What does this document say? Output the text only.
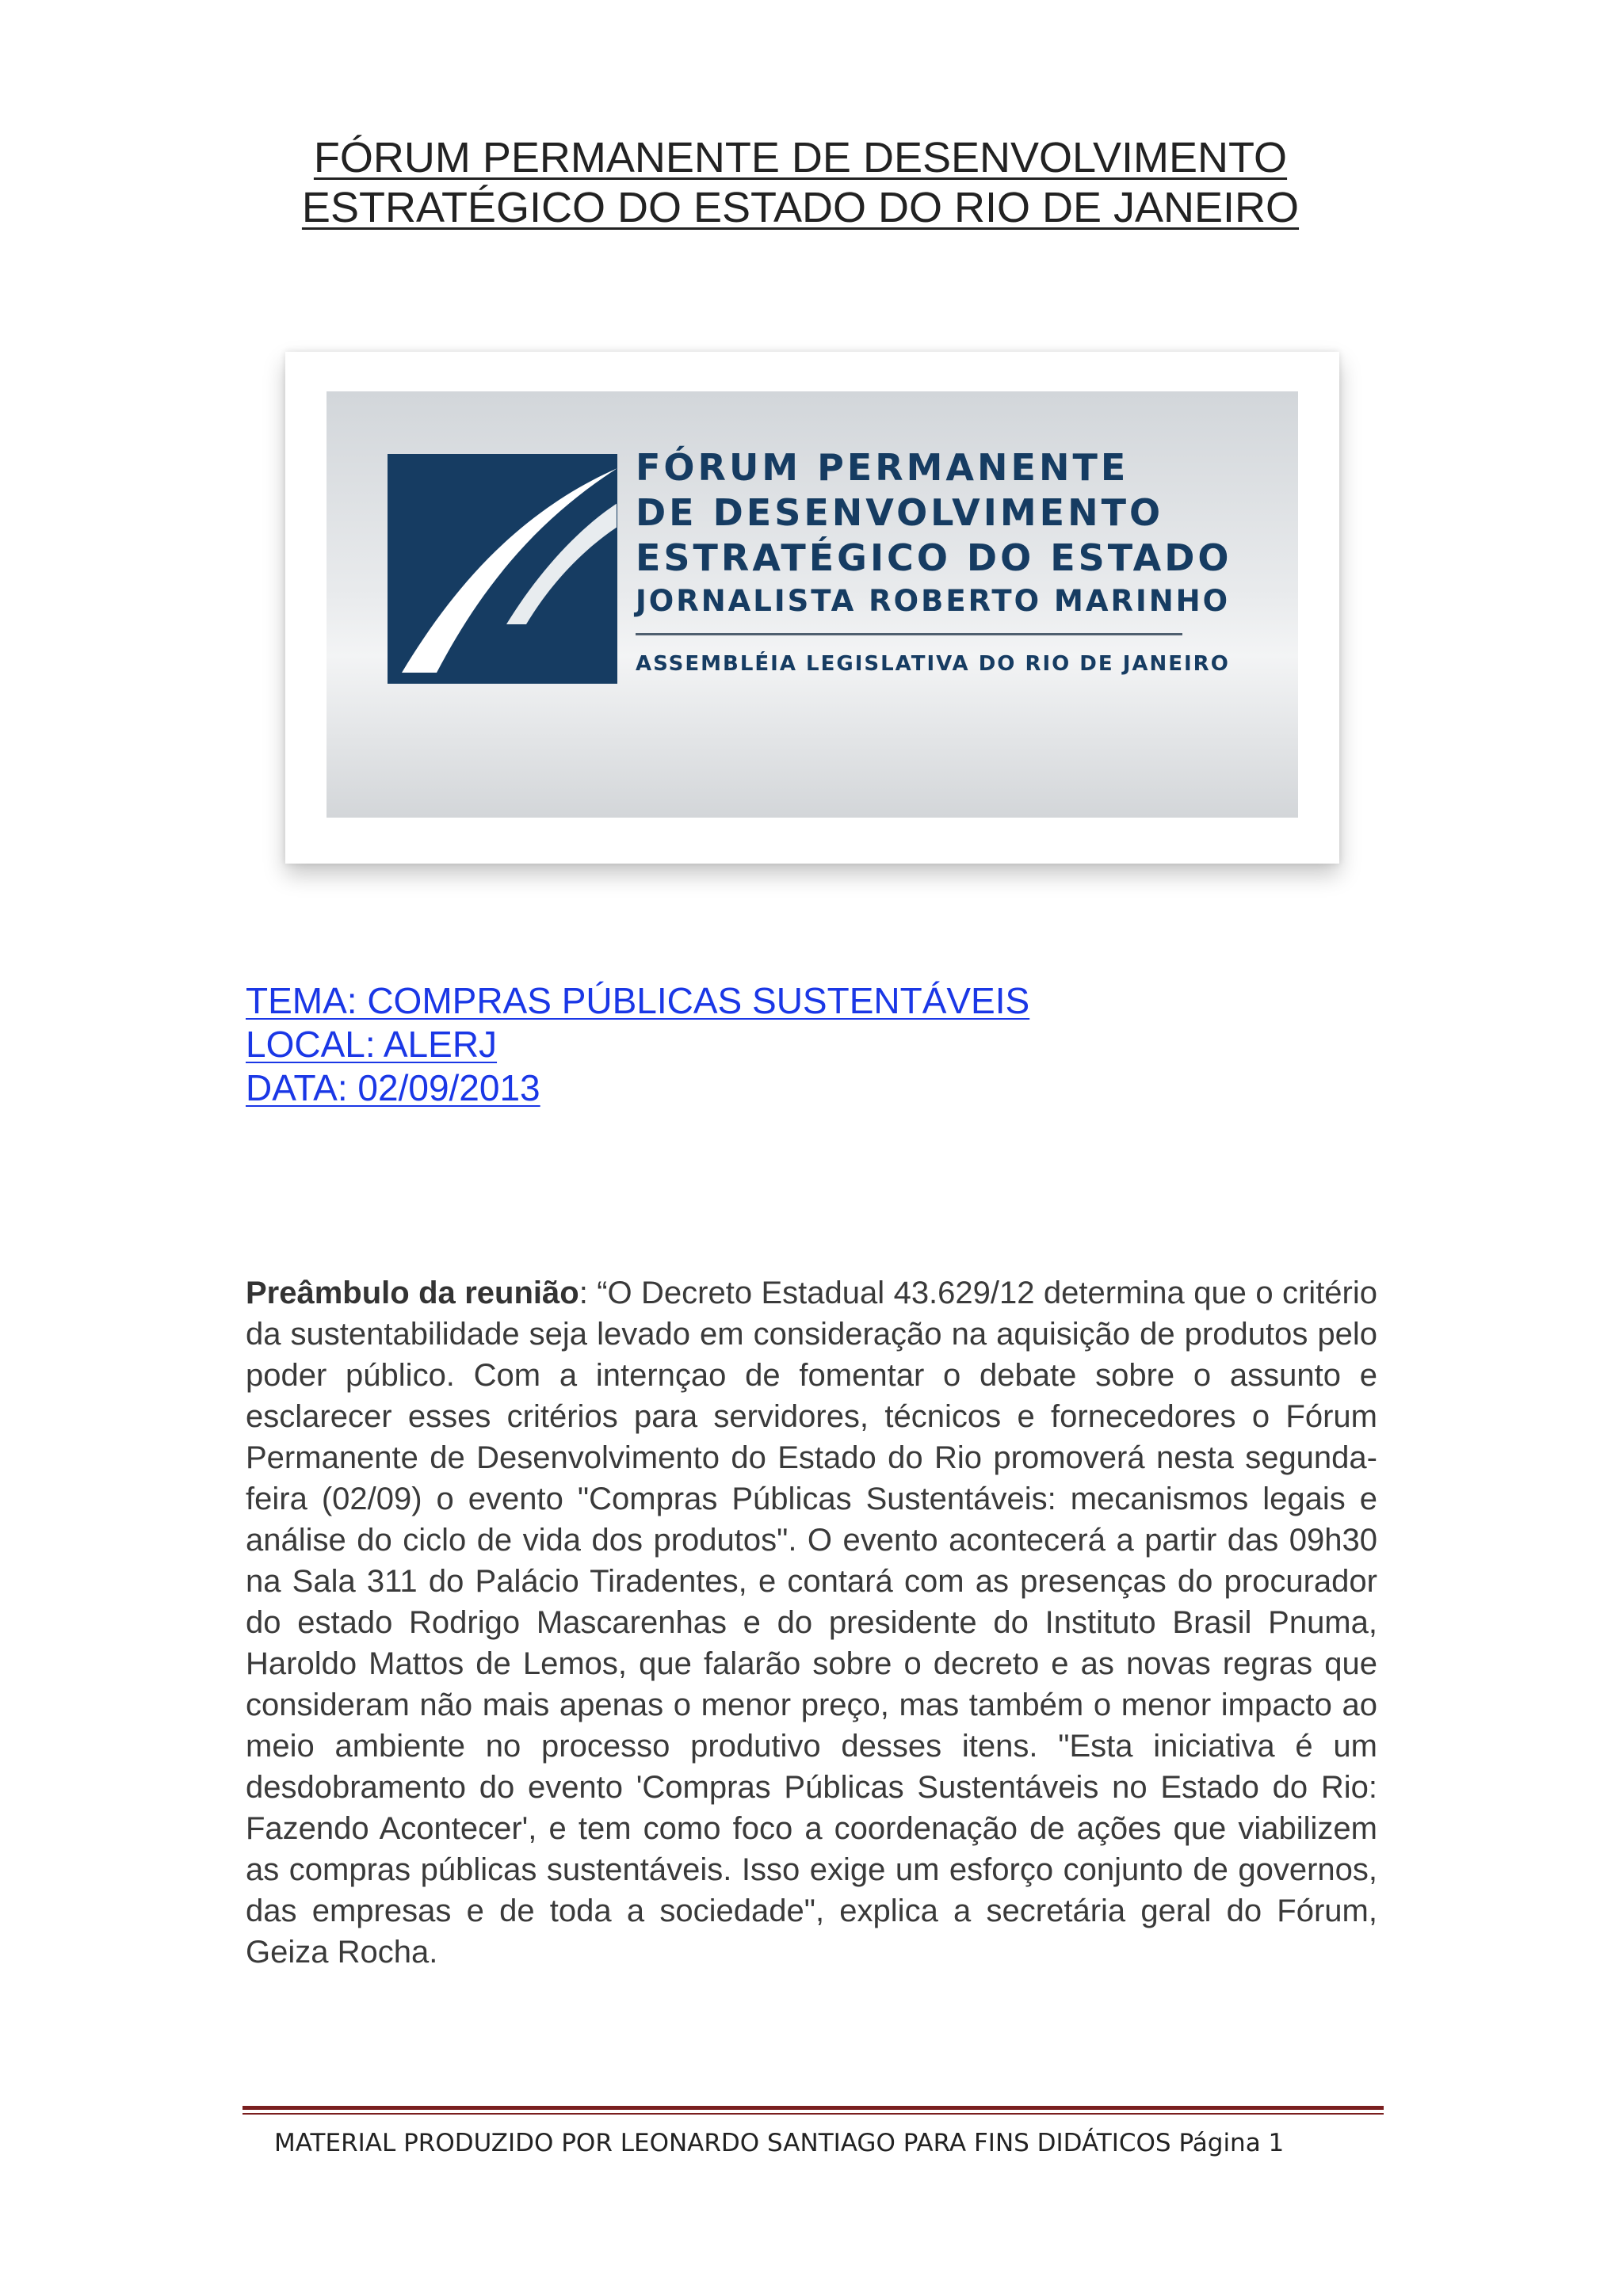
FÓRUM PERMANENTE DE DESENVOLVIMENTO
ESTRATÉGICO DO ESTADO DO RIO DE JANEIRO
FÓRUM PERMANENTE
DE DESENVOLVIMENTO
ESTRATÉGICO DO ESTADO
JORNALISTA ROBERTO MARINHO
ASSEMBLÉIA LEGISLATIVA DO RIO DE JANEIRO
TEMA: COMPRAS PÚBLICAS SUSTENTÁVEIS
LOCAL: ALERJ
DATA: 02/09/2013

Preâmbulo da reunião: “O Decreto Estadual 43.629/12 determina que o critério da sustentabilidade seja levado em consideração na aquisição de produtos pelo poder público. Com a internçao de fomentar o debate sobre o assunto e esclarecer esses critérios para servidores, técnicos e fornecedores o Fórum Permanente de Desenvolvimento do Estado do Rio promoverá nesta segunda-feira (02/09) o evento "Compras Públicas Sustentáveis: mecanismos legais e análise do ciclo de vida dos produtos". O evento acontecerá a partir das 09h30 na Sala 311 do Palácio Tiradentes, e contará com as presenças do procurador do estado Rodrigo Mascarenhas e do presidente do Instituto Brasil Pnuma, Haroldo Mattos de Lemos, que falarão sobre o decreto e as novas regras que consideram não mais apenas o menor preço, mas também o menor impacto ao meio ambiente no processo produtivo desses itens. "Esta iniciativa é um desdobramento do evento 'Compras Públicas Sustentáveis no Estado do Rio: Fazendo Acontecer', e tem como foco a coordenação de ações que viabilizem as compras públicas sustentáveis. Isso exige um esforço conjunto de governos, das empresas e de toda a sociedade", explica a secretária geral do Fórum, Geiza Rocha.

MATERIAL PRODUZIDO POR LEONARDO SANTIAGO PARA FINS DIDÁTICOS Página 1
